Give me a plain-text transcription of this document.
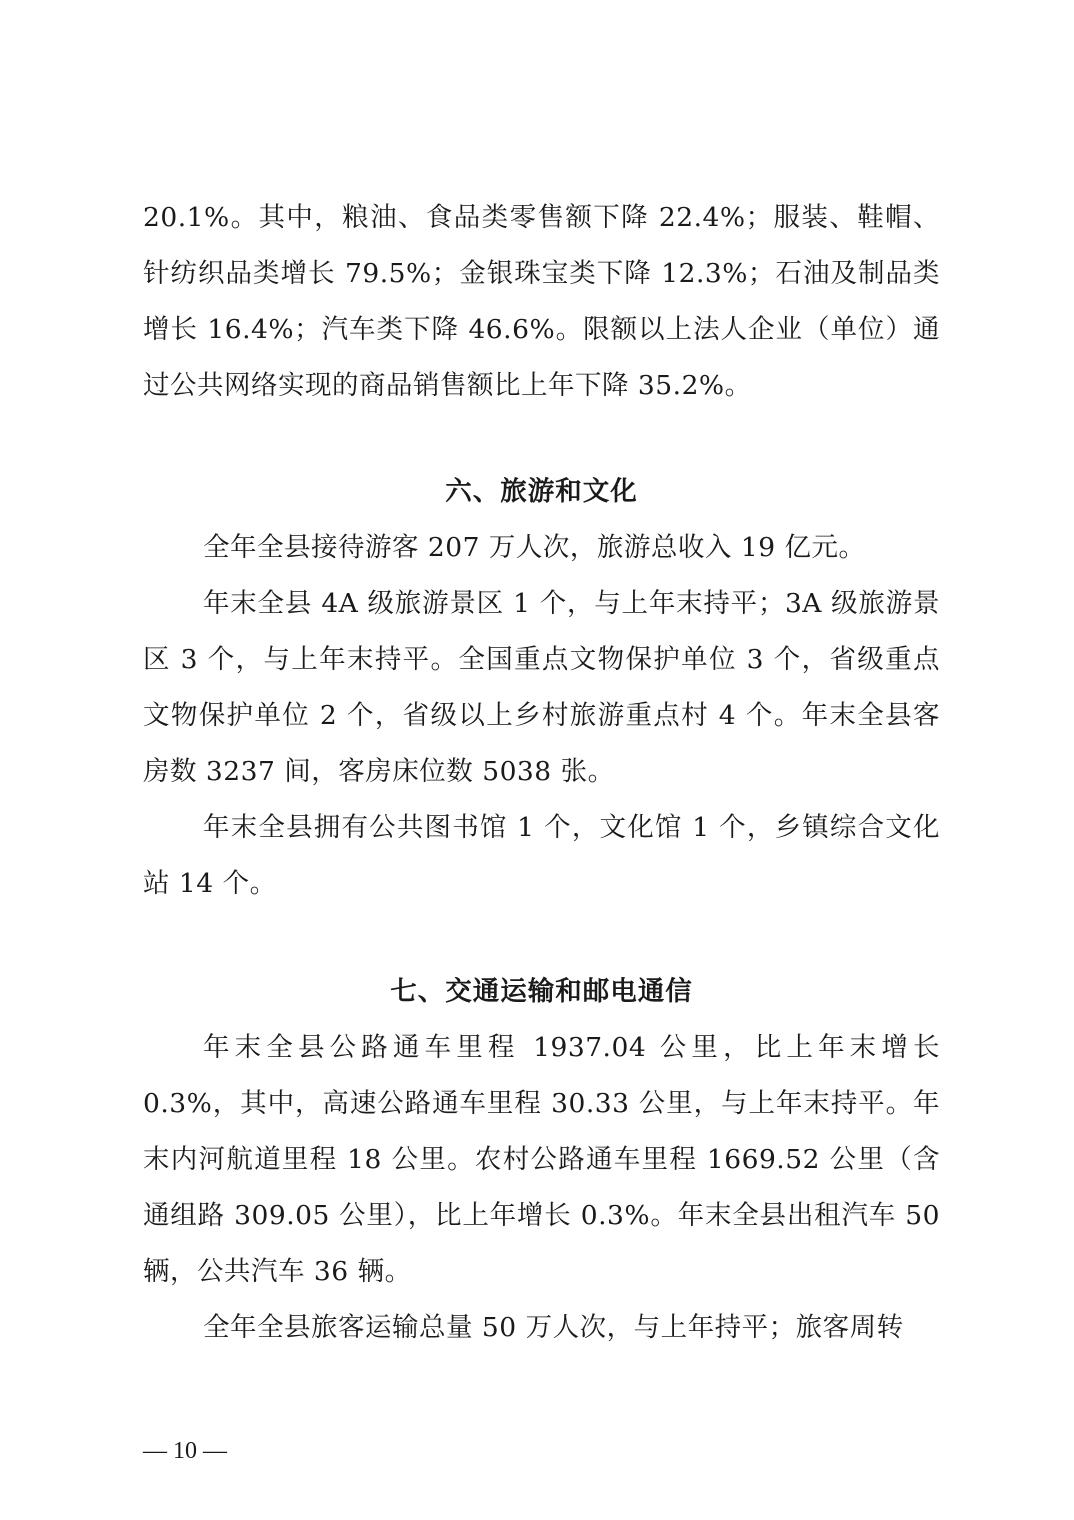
20.1%。其中，粮油、食品类零售额下降 22.4%；服装、鞋帽、针纺织品类增长 79.5%；金银珠宝类下降 12.3%；石油及制品类增长 16.4%；汽车类下降 46.6%。限额以上法人企业（单位）通过公共网络实现的商品销售额比上年下降 35.2%。

六、旅游和文化

全年全县接待游客 207 万人次，旅游总收入 19 亿元。

年末全县 4A 级旅游景区 1 个，与上年末持平；3A 级旅游景区 3 个，与上年末持平。全国重点文物保护单位 3 个，省级重点文物保护单位 2 个，省级以上乡村旅游重点村 4 个。年末全县客房数 3237 间，客房床位数 5038 张。

年末全县拥有公共图书馆 1 个，文化馆 1 个，乡镇综合文化站 14 个。

七、交通运输和邮电通信

年末全县公路通车里程 1937.04 公里，比上年末增长 0.3%，其中，高速公路通车里程 30.33 公里，与上年末持平。年末内河航道里程 18 公里。农村公路通车里程 1669.52 公里（含通组路 309.05 公里），比上年增长 0.3%。年末全县出租汽车 50 辆，公共汽车 36 辆。

全年全县旅客运输总量 50 万人次，与上年持平；旅客周转

— 10 —
